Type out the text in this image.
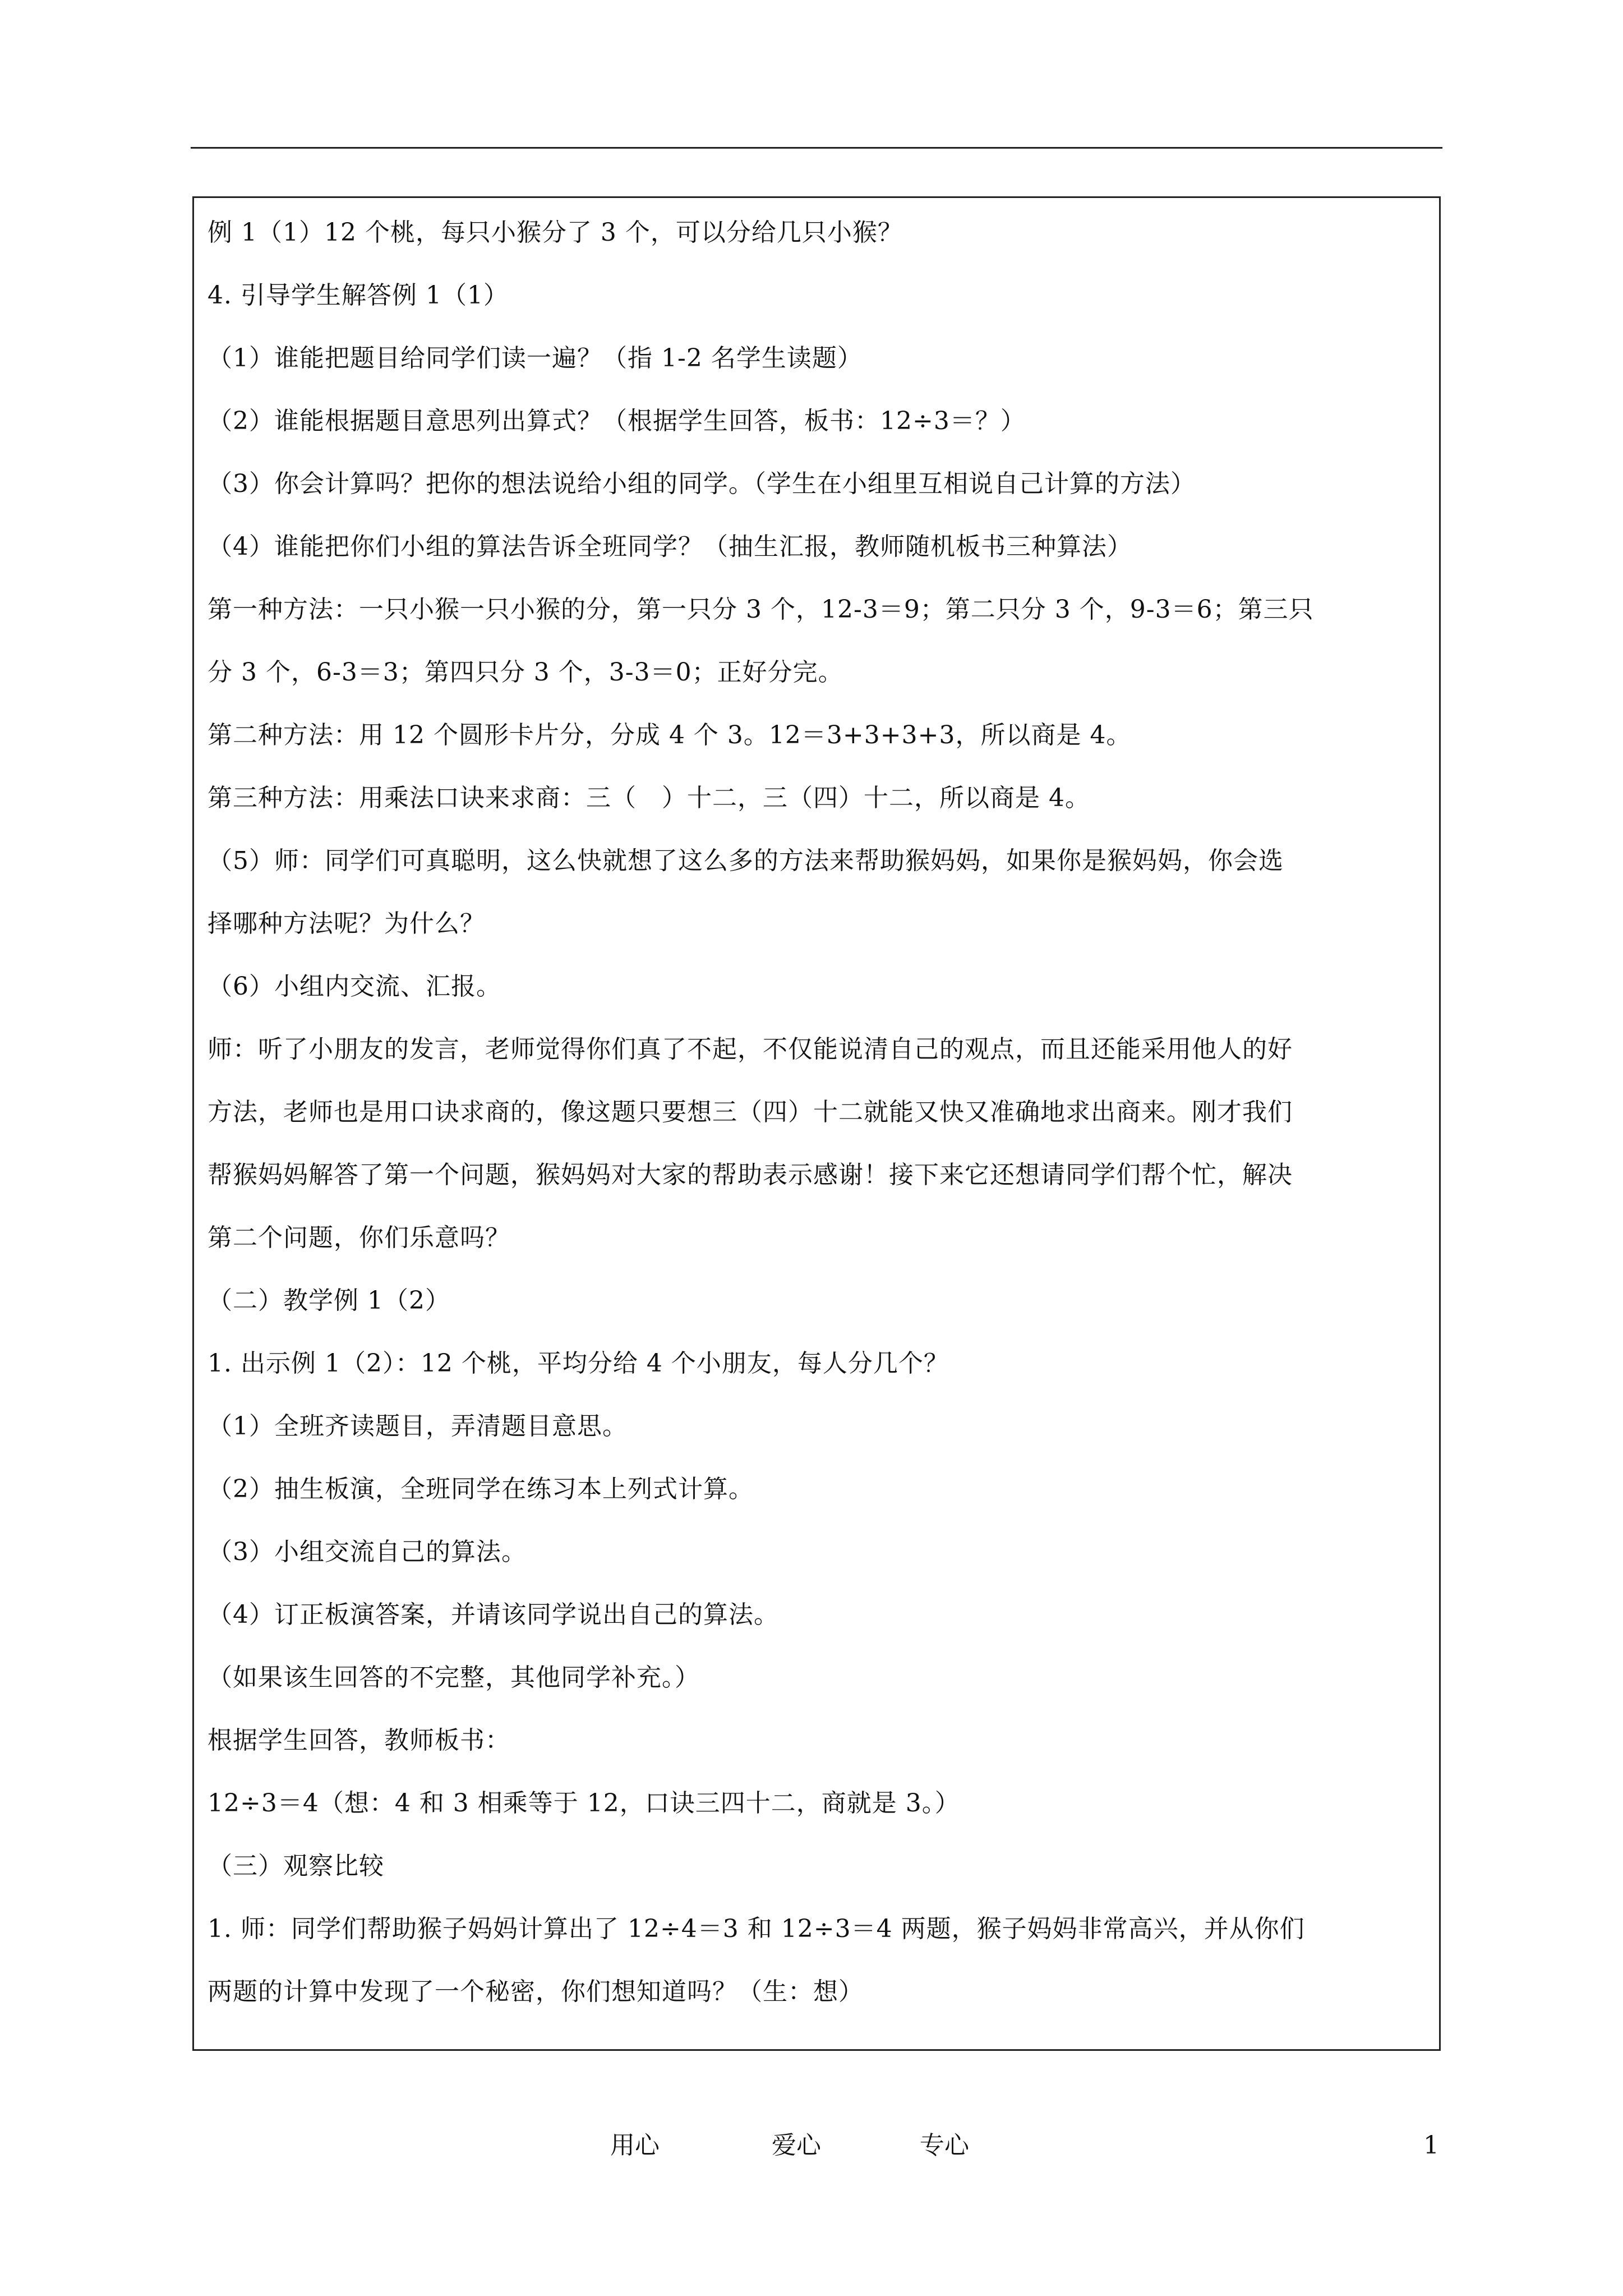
例 1（1）12 个桃，每只小猴分了 3 个，可以分给几只小猴？
4. 引导学生解答例 1（1）
（1）谁能把题目给同学们读一遍？（指 1-2 名学生读题）
（2）谁能根据题目意思列出算式？（根据学生回答，板书：12÷3＝？）
（3）你会计算吗？把你的想法说给小组的同学。（学生在小组里互相说自己计算的方法）
（4）谁能把你们小组的算法告诉全班同学？（抽生汇报，教师随机板书三种算法）
第一种方法：一只小猴一只小猴的分，第一只分 3 个，12-3＝9；第二只分 3 个，9-3＝6；第三只
分 3 个，6-3＝3；第四只分 3 个，3-3＝0；正好分完。
第二种方法：用 12 个圆形卡片分，分成 4 个 3。12＝3+3+3+3，所以商是 4。
第三种方法：用乘法口诀来求商：三（　）十二，三（四）十二，所以商是 4。
（5）师：同学们可真聪明，这么快就想了这么多的方法来帮助猴妈妈，如果你是猴妈妈，你会选
择哪种方法呢？为什么？
（6）小组内交流、汇报。
师：听了小朋友的发言，老师觉得你们真了不起，不仅能说清自己的观点，而且还能采用他人的好
方法，老师也是用口诀求商的，像这题只要想三（四）十二就能又快又准确地求出商来。刚才我们
帮猴妈妈解答了第一个问题，猴妈妈对大家的帮助表示感谢！接下来它还想请同学们帮个忙，解决
第二个问题，你们乐意吗？
（二）教学例 1（2）
1. 出示例 1（2）：12 个桃，平均分给 4 个小朋友，每人分几个？
（1）全班齐读题目，弄清题目意思。
（2）抽生板演，全班同学在练习本上列式计算。
（3）小组交流自己的算法。
（4）订正板演答案，并请该同学说出自己的算法。
（如果该生回答的不完整，其他同学补充。）
根据学生回答，教师板书：
12÷3＝4（想：4 和 3 相乘等于 12，口诀三四十二，商就是 3。）
（三）观察比较
1. 师：同学们帮助猴子妈妈计算出了 12÷4＝3 和 12÷3＝4 两题，猴子妈妈非常高兴，并从你们
两题的计算中发现了一个秘密，你们想知道吗？（生：想）
用心	爱心	专心	1
